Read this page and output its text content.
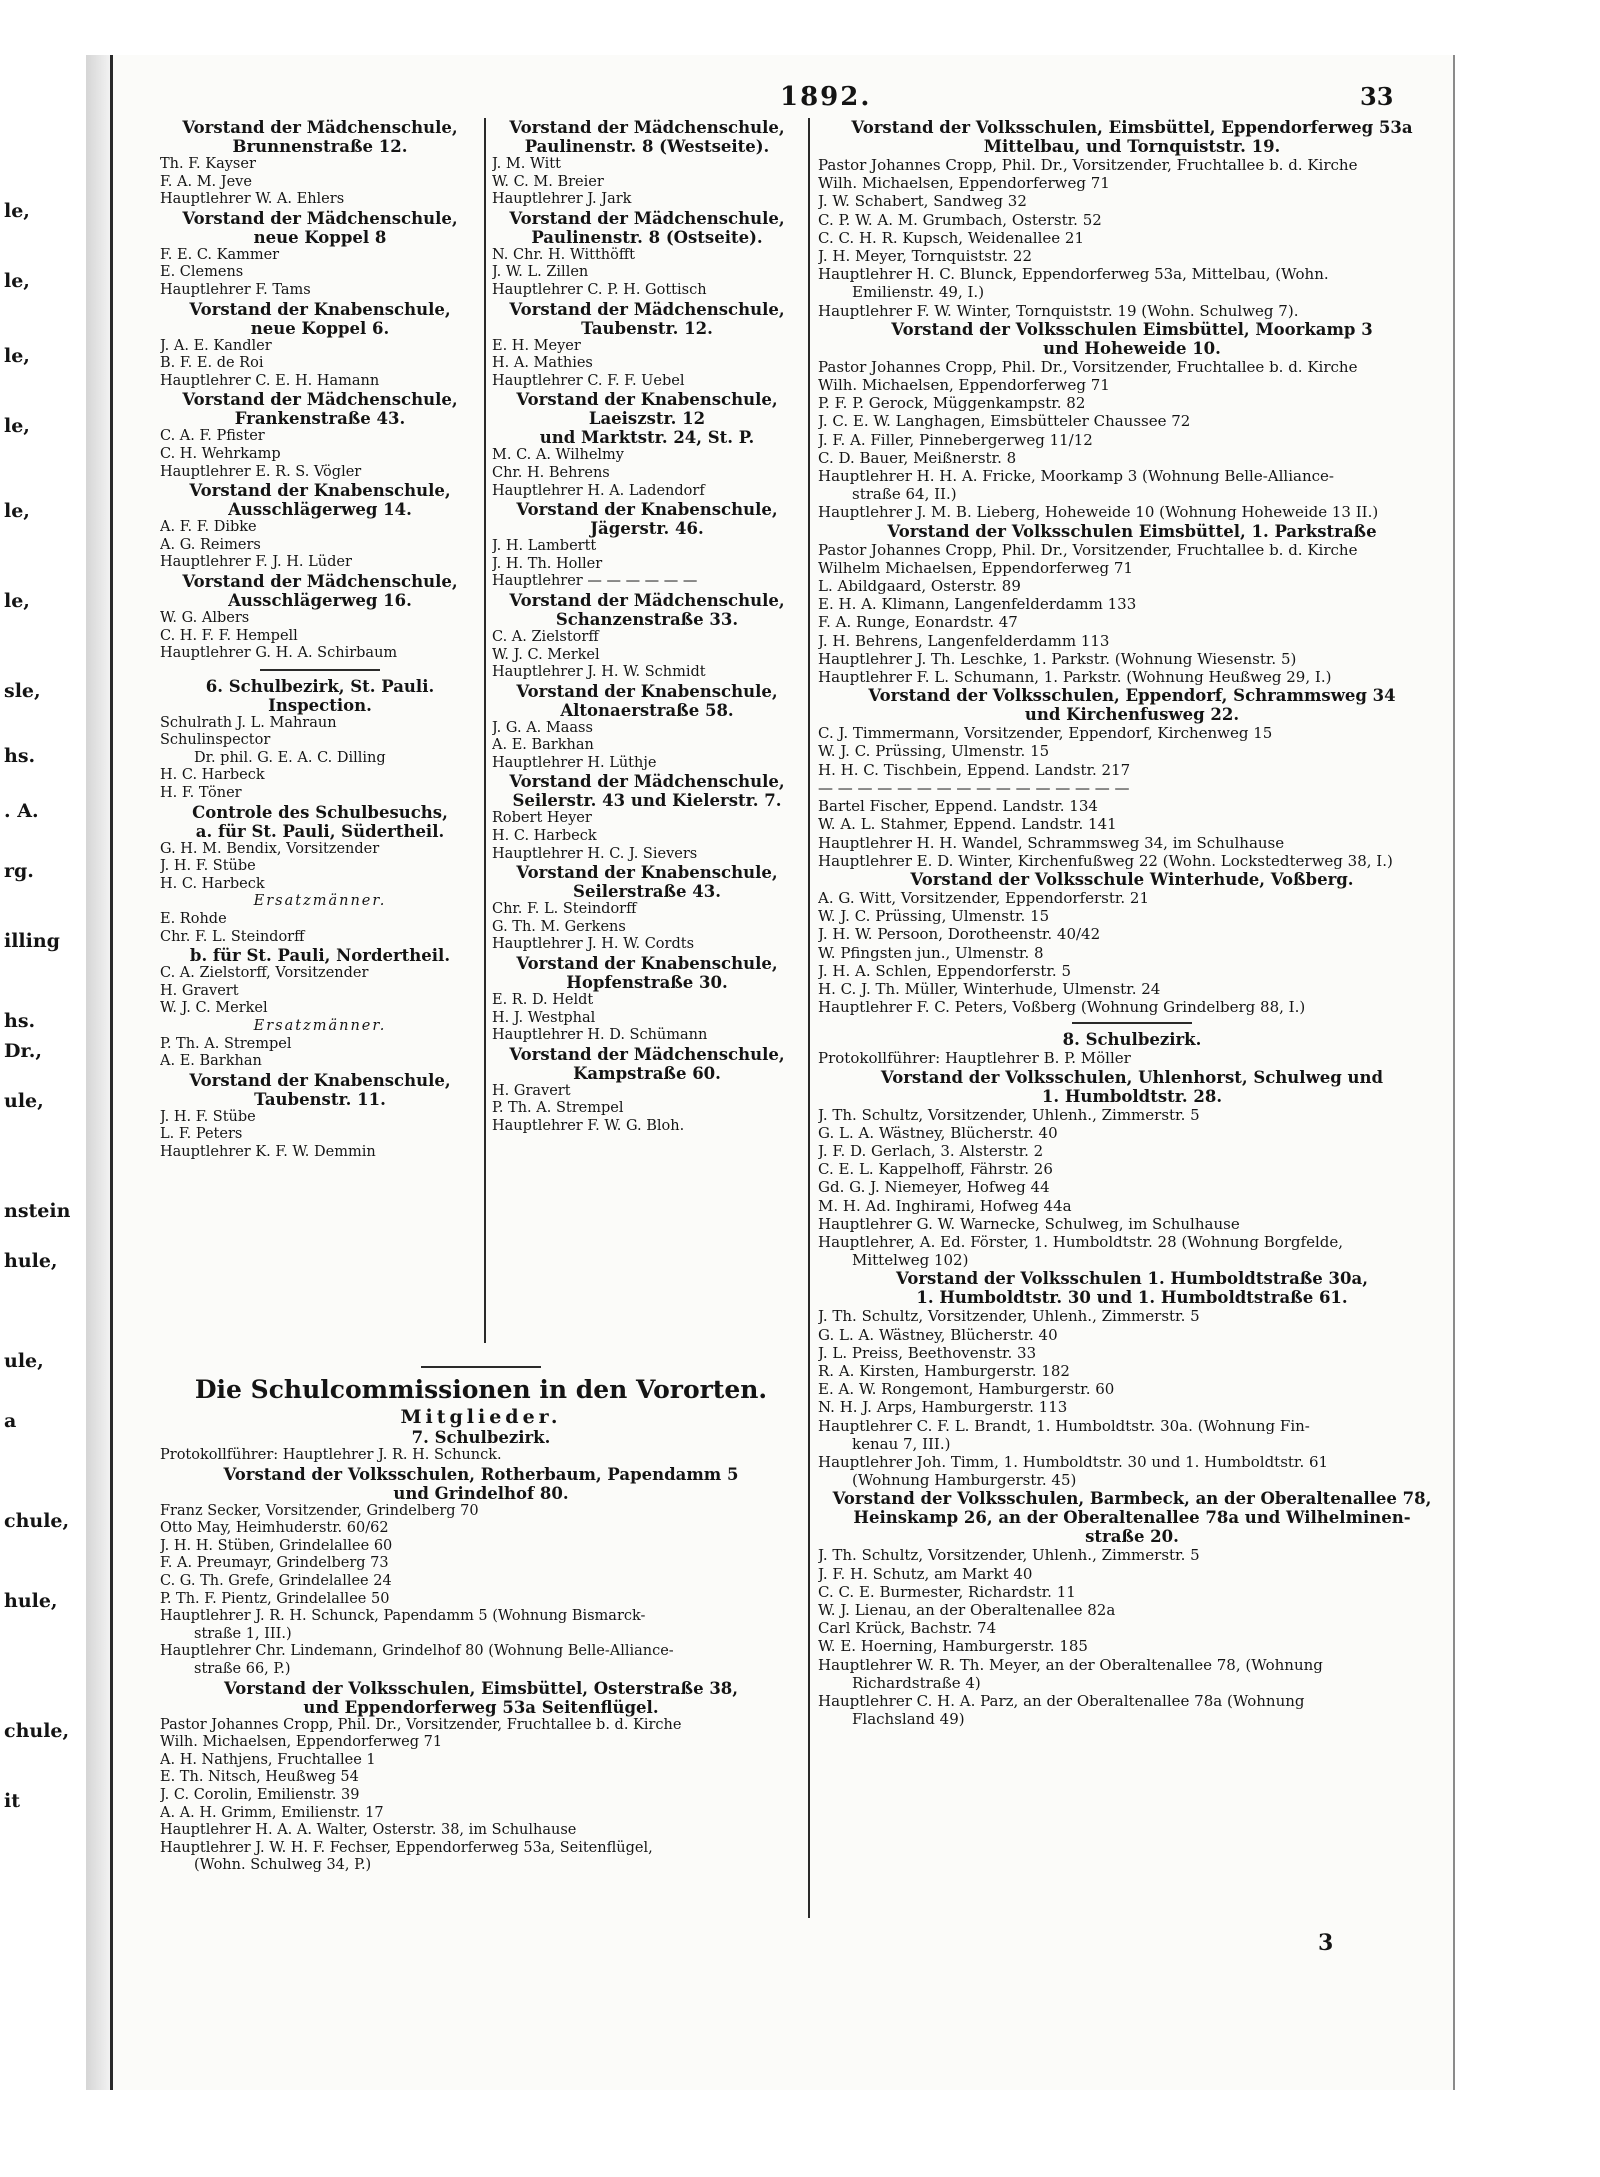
le,
le,
le,
le,
le,
le,
sle,
hs.
. A.
rg.
illing
hs.
Dr.,
ule,
nstein
hule,
ule,
a
chule,
hule,
chule,
it
1892.	33
Vorstand der Mädchenschule,
Brunnenstraße 12.
Th. F. Kayser
F. A. M. Jeve
Hauptlehrer W. A. Ehlers
Vorstand der Mädchenschule,
neue Koppel 8
F. E. C. Kammer
E. Clemens
Hauptlehrer F. Tams
Vorstand der Knabenschule,
neue Koppel 6.
J. A. E. Kandler
B. F. E. de Roi
Hauptlehrer C. E. H. Hamann
Vorstand der Mädchenschule,
Frankenstraße 43.
C. A. F. Pfister
C. H. Wehrkamp
Hauptlehrer E. R. S. Vögler
Vorstand der Knabenschule,
Ausschlägerweg 14.
A. F. F. Dibke
A. G. Reimers
Hauptlehrer F. J. H. Lüder
Vorstand der Mädchenschule,
Ausschlägerweg 16.
W. G. Albers
C. H. F. F. Hempell
Hauptlehrer G. H. A. Schirbaum
6. Schulbezirk, St. Pauli.
Inspection.
Schulrath J. L. Mahraun
Schulinspector
Dr. phil. G. E. A. C. Dilling
H. C. Harbeck
H. F. Töner
Controle des Schulbesuchs,
a. für St. Pauli, Südertheil.
G. H. M. Bendix, Vorsitzender
J. H. F. Stübe
H. C. Harbeck
Ersatzmänner.
E. Rohde
Chr. F. L. Steindorff
b. für St. Pauli, Nordertheil.
C. A. Zielstorff, Vorsitzender
H. Gravert
W. J. C. Merkel
Ersatzmänner.
P. Th. A. Strempel
A. E. Barkhan
Vorstand der Knabenschule,
Taubenstr. 11.
J. H. F. Stübe
L. F. Peters
Hauptlehrer K. F. W. Demmin
Vorstand der Mädchenschule,
Paulinenstr. 8 (Westseite).
J. M. Witt
W. C. M. Breier
Hauptlehrer J. Jark
Vorstand der Mädchenschule,
Paulinenstr. 8 (Ostseite).
N. Chr. H. Witthöfft
J. W. L. Zillen
Hauptlehrer C. P. H. Gottisch
Vorstand der Mädchenschule,
Taubenstr. 12.
E. H. Meyer
H. A. Mathies
Hauptlehrer C. F. F. Uebel
Vorstand der Knabenschule,
Laeiszstr. 12
und Marktstr. 24, St. P.
M. C. A. Wilhelmy
Chr. H. Behrens
Hauptlehrer H. A. Ladendorf
Vorstand der Knabenschule,
Jägerstr. 46.
J. H. Lambertt
J. H. Th. Holler
Hauptlehrer — — — — — —
Vorstand der Mädchenschule,
Schanzenstraße 33.
C. A. Zielstorff
W. J. C. Merkel
Hauptlehrer J. H. W. Schmidt
Vorstand der Knabenschule,
Altonaerstraße 58.
J. G. A. Maass
A. E. Barkhan
Hauptlehrer H. Lüthje
Vorstand der Mädchenschule,
Seilerstr. 43 und Kielerstr. 7.
Robert Heyer
H. C. Harbeck
Hauptlehrer H. C. J. Sievers
Vorstand der Knabenschule,
Seilerstraße 43.
Chr. F. L. Steindorff
G. Th. M. Gerkens
Hauptlehrer J. H. W. Cordts
Vorstand der Knabenschule,
Hopfenstraße 30.
E. R. D. Heldt
H. J. Westphal
Hauptlehrer H. D. Schümann
Vorstand der Mädchenschule,
Kampstraße 60.
H. Gravert
P. Th. A. Strempel
Hauptlehrer F. W. G. Bloh.
Vorstand der Volksschulen, Eimsbüttel, Eppendorferweg 53a
Mittelbau, und Tornquiststr. 19.
Pastor Johannes Cropp, Phil. Dr., Vorsitzender, Fruchtallee b. d. Kirche
Wilh. Michaelsen, Eppendorferweg 71
J. W. Schabert, Sandweg 32
C. P. W. A. M. Grumbach, Osterstr. 52
C. C. H. R. Kupsch, Weidenallee 21
J. H. Meyer, Tornquiststr. 22
Hauptlehrer H. C. Blunck, Eppendorferweg 53a, Mittelbau, (Wohn.
Emilienstr. 49, I.)
Hauptlehrer F. W. Winter, Tornquiststr. 19 (Wohn. Schulweg 7).
Vorstand der Volksschulen Eimsbüttel, Moorkamp 3
und Hoheweide 10.
Pastor Johannes Cropp, Phil. Dr., Vorsitzender, Fruchtallee b. d. Kirche
Wilh. Michaelsen, Eppendorferweg 71
P. F. P. Gerock, Müggenkampstr. 82
J. C. E. W. Langhagen, Eimsbütteler Chaussee 72
J. F. A. Filler, Pinnebergerweg 11/12
C. D. Bauer, Meißnerstr. 8
Hauptlehrer H. H. A. Fricke, Moorkamp 3 (Wohnung Belle-Alliance-
straße 64, II.)
Hauptlehrer J. M. B. Lieberg, Hoheweide 10 (Wohnung Hoheweide 13 II.)
Vorstand der Volksschulen Eimsbüttel, 1. Parkstraße
Pastor Johannes Cropp, Phil. Dr., Vorsitzender, Fruchtallee b. d. Kirche
Wilhelm Michaelsen, Eppendorferweg 71
L. Abildgaard, Osterstr. 89
E. H. A. Klimann, Langenfelderdamm 133
F. A. Runge, Eonardstr. 47
J. H. Behrens, Langenfelderdamm 113
Hauptlehrer J. Th. Leschke, 1. Parkstr. (Wohnung Wiesenstr. 5)
Hauptlehrer F. L. Schumann, 1. Parkstr. (Wohnung Heußweg 29, I.)
Vorstand der Volksschulen, Eppendorf, Schrammsweg 34
und Kirchenfusweg 22.
C. J. Timmermann, Vorsitzender, Eppendorf, Kirchenweg 15
W. J. C. Prüssing, Ulmenstr. 15
H. H. C. Tischbein, Eppend. Landstr. 217
— — — — — — — — — — — — — — — —
Bartel Fischer, Eppend. Landstr. 134
W. A. L. Stahmer, Eppend. Landstr. 141
Hauptlehrer H. H. Wandel, Schrammsweg 34, im Schulhause
Hauptlehrer E. D. Winter, Kirchenfußweg 22 (Wohn. Lockstedterweg 38, I.)
Vorstand der Volksschule Winterhude, Voßberg.
A. G. Witt, Vorsitzender, Eppendorferstr. 21
W. J. C. Prüssing, Ulmenstr. 15
J. H. W. Persoon, Dorotheenstr. 40/42
W. Pfingsten jun., Ulmenstr. 8
J. H. A. Schlen, Eppendorferstr. 5
H. C. J. Th. Müller, Winterhude, Ulmenstr. 24
Hauptlehrer F. C. Peters, Voßberg (Wohnung Grindelberg 88, I.)
8. Schulbezirk.
Protokollführer: Hauptlehrer B. P. Möller
Vorstand der Volksschulen, Uhlenhorst, Schulweg und
1. Humboldtstr. 28.
J. Th. Schultz, Vorsitzender, Uhlenh., Zimmerstr. 5
G. L. A. Wästney, Blücherstr. 40
J. F. D. Gerlach, 3. Alsterstr. 2
C. E. L. Kappelhoff, Fährstr. 26
Gd. G. J. Niemeyer, Hofweg 44
M. H. Ad. Inghirami, Hofweg 44a
Hauptlehrer G. W. Warnecke, Schulweg, im Schulhause
Hauptlehrer, A. Ed. Förster, 1. Humboldtstr. 28 (Wohnung Borgfelde,
Mittelweg 102)
Vorstand der Volksschulen 1. Humboldtstraße 30a,
1. Humboldtstr. 30 und 1. Humboldtstraße 61.
J. Th. Schultz, Vorsitzender, Uhlenh., Zimmerstr. 5
G. L. A. Wästney, Blücherstr. 40
J. L. Preiss, Beethovenstr. 33
R. A. Kirsten, Hamburgerstr. 182
E. A. W. Rongemont, Hamburgerstr. 60
N. H. J. Arps, Hamburgerstr. 113
Hauptlehrer C. F. L. Brandt, 1. Humboldtstr. 30a. (Wohnung Fin-
kenau 7, III.)
Hauptlehrer Joh. Timm, 1. Humboldtstr. 30 und 1. Humboldtstr. 61
(Wohnung Hamburgerstr. 45)
Vorstand der Volksschulen, Barmbeck, an der Oberaltenallee 78,
Heinskamp 26, an der Oberaltenallee 78a und Wilhelminen-
straße 20.
J. Th. Schultz, Vorsitzender, Uhlenh., Zimmerstr. 5
J. F. H. Schutz, am Markt 40
C. C. E. Burmester, Richardstr. 11
W. J. Lienau, an der Oberaltenallee 82a
Carl Krück, Bachstr. 74
W. E. Hoerning, Hamburgerstr. 185
Hauptlehrer W. R. Th. Meyer, an der Oberaltenallee 78, (Wohnung
Richardstraße 4)
Hauptlehrer C. H. A. Parz, an der Oberaltenallee 78a (Wohnung
Flachsland 49)
Die Schulcommissionen in den Vororten.
Mitglieder.
7. Schulbezirk.
Protokollführer: Hauptlehrer J. R. H. Schunck.
Vorstand der Volksschulen, Rotherbaum, Papendamm 5
und Grindelhof 80.
Franz Secker, Vorsitzender, Grindelberg 70
Otto May, Heimhuderstr. 60/62
J. H. H. Stüben, Grindelallee 60
F. A. Preumayr, Grindelberg 73
C. G. Th. Grefe, Grindelallee 24
P. Th. F. Pientz, Grindelallee 50
Hauptlehrer J. R. H. Schunck, Papendamm 5 (Wohnung Bismarck-
straße 1, III.)
Hauptlehrer Chr. Lindemann, Grindelhof 80 (Wohnung Belle-Alliance-
straße 66, P.)
Vorstand der Volksschulen, Eimsbüttel, Osterstraße 38,
und Eppendorferweg 53a Seitenflügel.
Pastor Johannes Cropp, Phil. Dr., Vorsitzender, Fruchtallee b. d. Kirche
Wilh. Michaelsen, Eppendorferweg 71
A. H. Nathjens, Fruchtallee 1
E. Th. Nitsch, Heußweg 54
J. C. Corolin, Emilienstr. 39
A. A. H. Grimm, Emilienstr. 17
Hauptlehrer H. A. A. Walter, Osterstr. 38, im Schulhause
Hauptlehrer J. W. H. F. Fechser, Eppendorferweg 53a, Seitenflügel,
(Wohn. Schulweg 34, P.)
3
